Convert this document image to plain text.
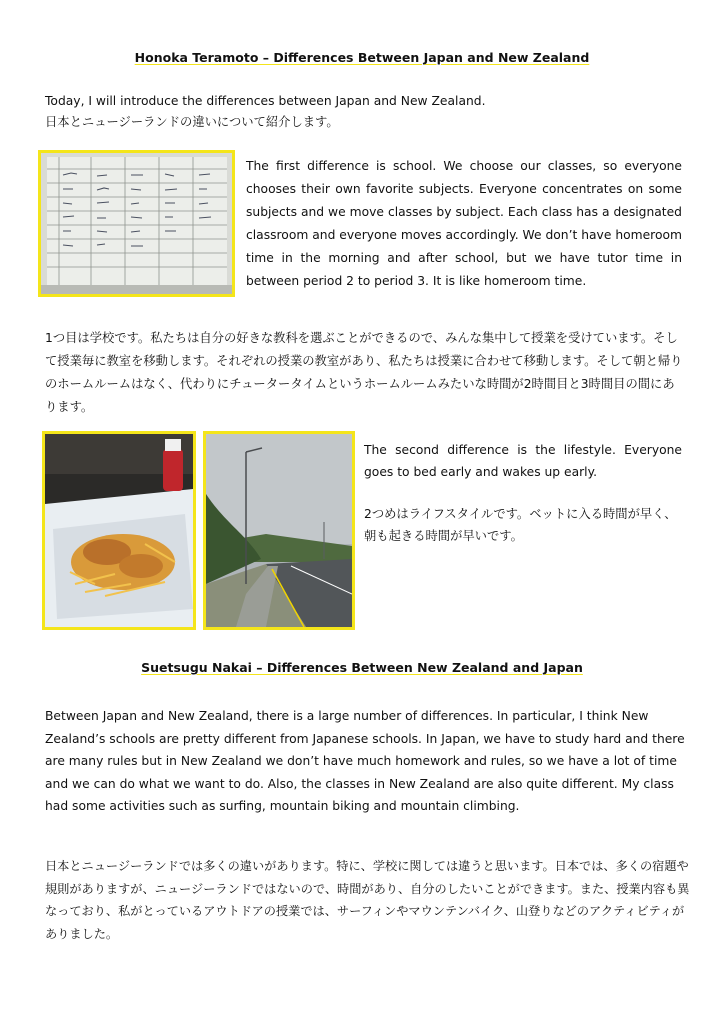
Honoka Teramoto – Differences Between Japan and New Zealand
Today, I will introduce the differences between Japan and New Zealand.
日本とニュージーランドの違いについて紹介します。
The first difference is school. We choose our classes, so everyone chooses their own favorite subjects. Everyone concentrates on some subjects and we move classes by subject. Each class has a designated classroom and everyone moves accordingly. We don’t have homeroom time in the morning and after school, but we have tutor time in between period 2 to period 3. It is like homeroom time.
1つ目は学校です。私たちは自分の好きな教科を選ぶことができるので、みんな集中して授業を受けています。そして授業毎に教室を移動します。それぞれの授業の教室があり、私たちは授業に合わせて移動します。そして朝と帰りのホームルームはなく、代わりにチュータータイムというホームルームみたいな時間が2時間目と3時間目の間にあります。
The second difference is the lifestyle. Everyone goes to bed early and wakes up early.
2つめはライフスタイルです。ベットに入る時間が早く、朝も起きる時間が早いです。
Suetsugu Nakai – Differences Between New Zealand and Japan
Between Japan and New Zealand, there is a large number of differences. In particular, I think New Zealand’s schools are pretty different from Japanese schools. In Japan, we have to study hard and there are many rules but in New Zealand we don’t have much homework and rules, so we have a lot of time and we can do what we want to do. Also, the classes in New Zealand are also quite different. My class had some activities such as surfing, mountain biking and mountain climbing.
日本とニュージーランドでは多くの違いがあります。特に、学校に関しては違うと思います。日本では、多くの宿題や規則がありますが、ニュージーランドではないので、時間があり、自分のしたいことができます。また、授業内容も異なっており、私がとっているアウトドアの授業では、サーフィンやマウンテンバイク、山登りなどのアクティビティがありました。
